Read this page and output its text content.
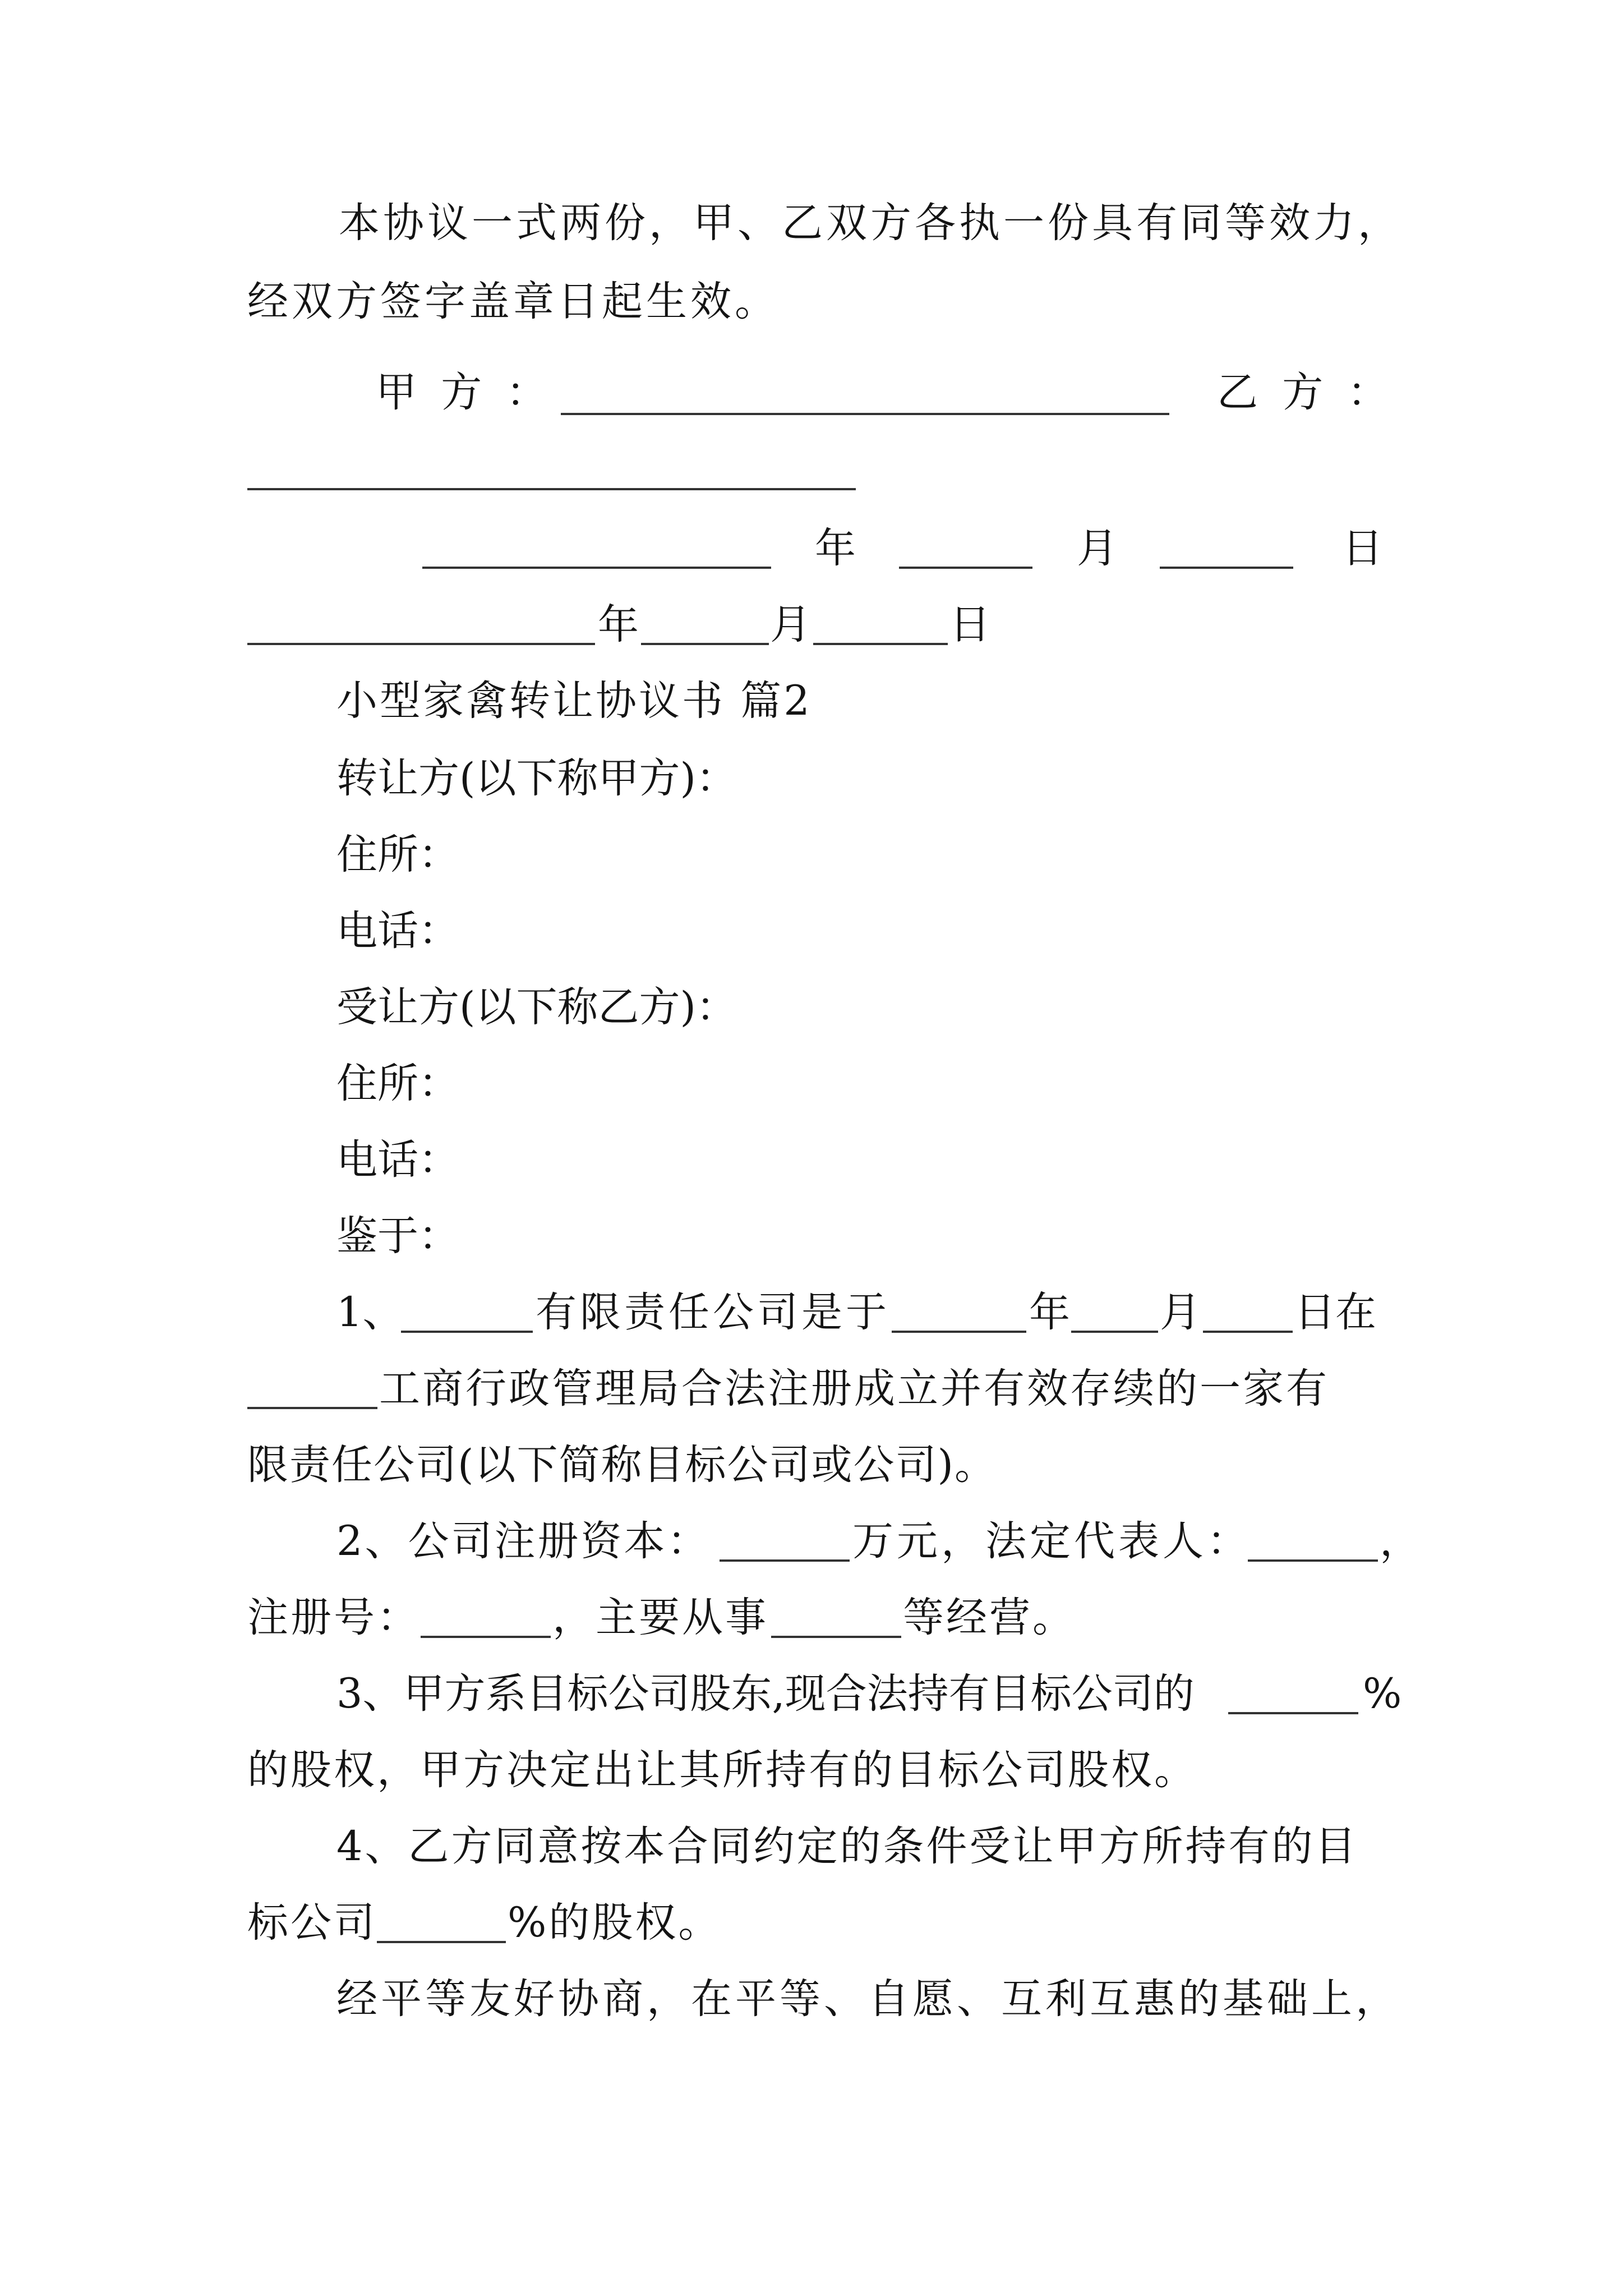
本协议一式两份，甲、乙双方各执一份具有同等效力，
经双方签字盖章日起生效。
甲 方 ：	乙 方 ：
年	月	日
年	月	日
小型家禽转让协议书 篇2
转让方(以下称甲方)：
住所：
电话：
受让方(以下称乙方)：
住所：
电话：
鉴于：
1、	有限责任公司是于	年 月 日在
工商行政管理局合法注册成立并有效存续的一家有
限责任公司(以下简称目标公司或公司)。
2、公司注册资本：	万元，法定代表人：	，
注册号：	，主要从事	等经营。
3、甲方系目标公司股东,现合法持有目标公司的	%
的股权，甲方决定出让其所持有的目标公司股权。
4、乙方同意按本合同约定的条件受让甲方所持有的目
标公司	%的股权。
经平等友好协商，在平等、自愿、互利互惠的基础上，
